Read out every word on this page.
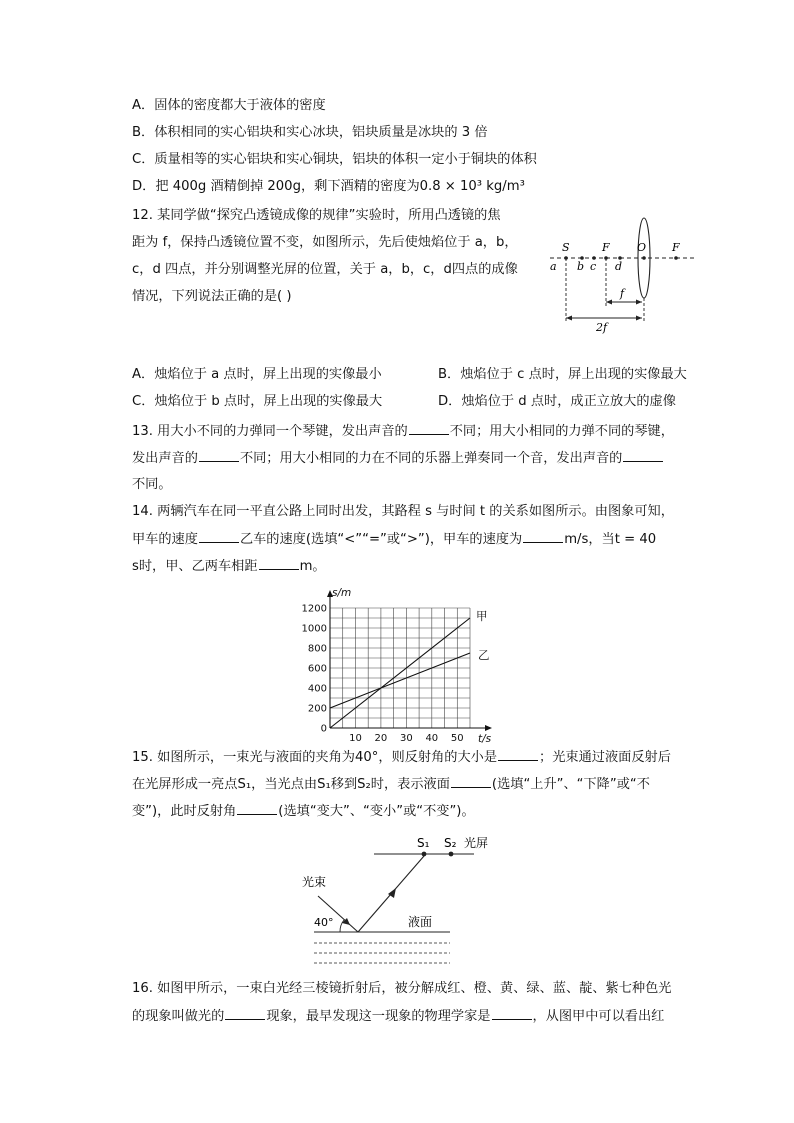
A．固体的密度都大于液体的密度
B．体积相同的实心铝块和实心冰块，铝块质量是冰块的 3 倍
C．质量相等的实心铝块和实心铜块，铝块的体积一定小于铜块的体积
D．把 400g 酒精倒掉 200g，剩下酒精的密度为0.8 × 10³ kg/m³
12. 某同学做“探究凸透镜成像的规律”实验时，所用凸透镜的焦
距为 f，保持凸透镜位置不变，如图所示，先后使烛焰位于 a，b，
c，d 四点，并分别调整光屏的位置，关于 a，b，c，d四点的成像
情况，下列说法正确的是( )
S	F O F
a b c d
f
2f
A．烛焰位于 a 点时，屏上出现的实像最小	B．烛焰位于 c 点时，屏上出现的实像最大
C．烛焰位于 b 点时，屏上出现的实像最大	D．烛焰位于 d 点时，成正立放大的虚像
13. 用大小不同的力弹同一个琴键，发出声音的	不同；用大小相同的力弹不同的琴键，
发出声音的	不同；用大小相同的力在不同的乐器上弹奏同一个音，发出声音的
不同。
14. 两辆汽车在同一平直公路上同时出发，其路程 s 与时间 t 的关系如图所示。由图象可知，
甲车的速度	乙车的速度(选填“<”“=”或“>”)，甲车的速度为	m/s，当t = 40
s时，甲、乙两车相距	m。
0
200
400
600
800
1000
1200
10 20 30 40 50
s/m
t/s
甲
乙
15. 如图所示，一束光与液面的夹角为40°，则反射角的大小是	；光束通过液面反射后
在光屏形成一亮点S₁，当光点由S₁移到S₂时，表示液面	(选填“上升”、“下降”或“不
变”)，此时反射角	(选填“变大”、“变小”或“不变”)。
S₁ S₂ 光屏
光束
40°	液面
16. 如图甲所示，一束白光经三棱镜折射后，被分解成红、橙、黄、绿、蓝、靛、紫七种色光
的现象叫做光的	现象，最早发现这一现象的物理学家是	，从图甲中可以看出红
